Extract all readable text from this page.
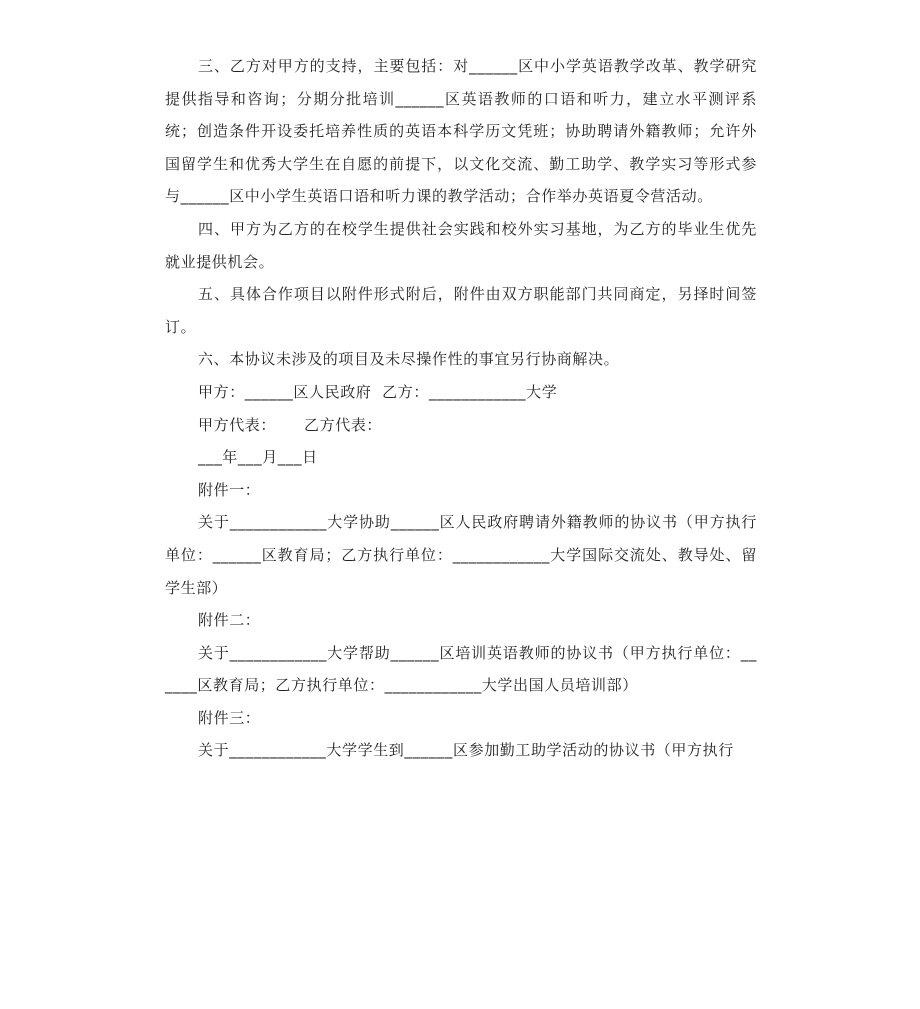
三、乙方对甲方的支持，主要包括：对______区中小学英语教学改革、教学研究提供指导和咨询；分期分批培训______区英语教师的口语和听力，建立水平测评系统；创造条件开设委托培养性质的英语本科学历文凭班；协助聘请外籍教师；允许外国留学生和优秀大学生在自愿的前提下，以文化交流、勤工助学、教学实习等形式参与______区中小学生英语口语和听力课的教学活动；合作举办英语夏令营活动。

四、甲方为乙方的在校学生提供社会实践和校外实习基地，为乙方的毕业生优先就业提供机会。

五、具体合作项目以附件形式附后，附件由双方职能部门共同商定，另择时间签订。

六、本协议未涉及的项目及未尽操作性的事宜另行协商解决。

甲方：______区人民政府  乙方：____________大学

甲方代表： 乙方代表：

___年___月___日

附件一：

关于____________大学协助______区人民政府聘请外籍教师的协议书（甲方执行单位：______区教育局；乙方执行单位：____________大学国际交流处、教导处、留学生部）

附件二：

关于____________大学帮助______区培训英语教师的协议书（甲方执行单位：______区教育局；乙方执行单位：____________大学出国人员培训部）

附件三：

关于____________大学学生到______区参加勤工助学活动的协议书（甲方执行
